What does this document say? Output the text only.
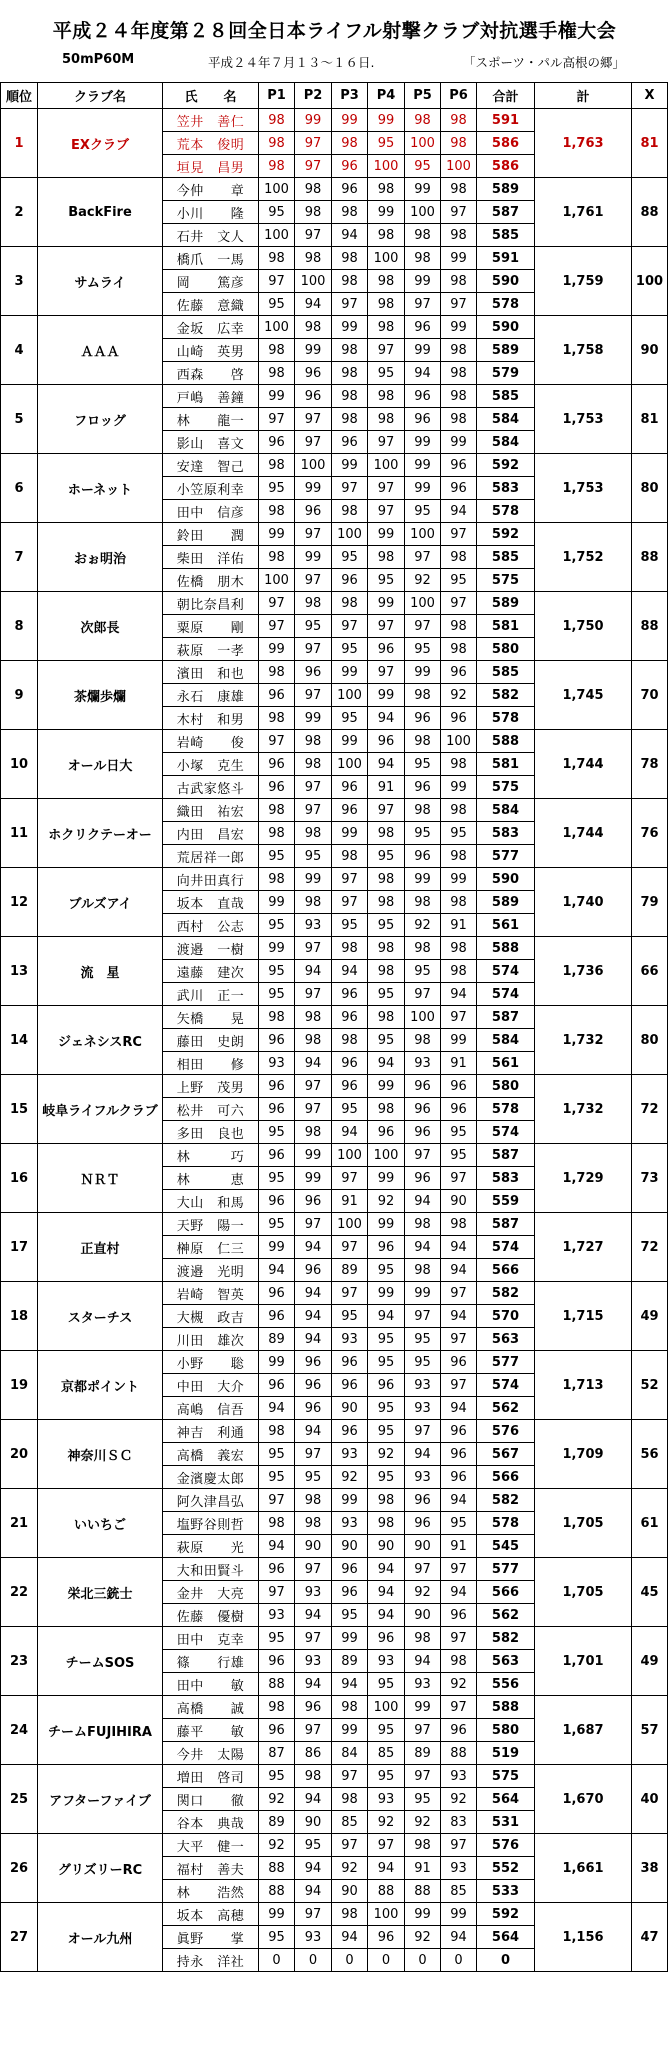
平成２４年度第２８回全日本ライフル射撃クラブ対抗選手権大会
50mP60M	平成２４年７月１３～１６日.	「スポーツ・パル高根の郷」
順位	クラブ名	氏　　名	P1	P2	P3	P4	P5	P6	合計	計	X
1	EXクラブ	笠井　善仁	98	99	99	99	98	98	591	1,763	81
		荒本　俊明	98	97	98	95	100	98	586		
		垣見　昌男	98	97	96	100	95	100	586		
2	BackFire	今仲　　章	100	98	96	98	99	98	589	1,761	88
		小川　　隆	95	98	98	99	100	97	587		
		石井　文人	100	97	94	98	98	98	585		
3	サムライ	橋爪　一馬	98	98	98	100	98	99	591	1,759	100
		岡　　篤彦	97	100	98	98	99	98	590		
		佐藤　意織	95	94	97	98	97	97	578		
4	ＡＡＡ	金坂　広幸	100	98	99	98	96	99	590	1,758	90
		山崎　英男	98	99	98	97	99	98	589		
		西森　　啓	98	96	98	95	94	98	579		
5	フロッグ	戸嶋　善鐘	99	96	98	98	96	98	585	1,753	81
		林　　龍一	97	97	98	98	96	98	584		
		影山　喜文	96	97	96	97	99	99	584		
6	ホーネット	安達　智己	98	100	99	100	99	96	592	1,753	80
		小笠原利幸	95	99	97	97	99	96	583		
		田中　信彦	98	96	98	97	95	94	578		
7	おぉ明治	鈴田　　潤	99	97	100	99	100	97	592	1,752	88
		柴田　洋佑	98	99	95	98	97	98	585		
		佐橋　朋木	100	97	96	95	92	95	575		
8	次郎長	朝比奈昌利	97	98	98	99	100	97	589	1,750	88
		粟原　　剛	97	95	97	97	97	98	581		
		萩原　一孝	99	97	95	96	95	98	580		
9	茶爛歩爛	濱田　和也	98	96	99	97	99	96	585	1,745	70
		永石　康雄	96	97	100	99	98	92	582		
		木村　和男	98	99	95	94	96	96	578		
10	オール日大	岩崎　　俊	97	98	99	96	98	100	588	1,744	78
		小塚　克生	96	98	100	94	95	98	581		
		古武家悠斗	96	97	96	91	96	99	575		
11	ホクリクテーオー	織田　祐宏	98	97	96	97	98	98	584	1,744	76
		内田　昌宏	98	98	99	98	95	95	583		
		荒居祥一郎	95	95	98	95	96	98	577		
12	ブルズアイ	向井田真行	98	99	97	98	99	99	590	1,740	79
		坂本　直哉	99	98	97	98	98	98	589		
		西村　公志	95	93	95	95	92	91	561		
13	流　星	渡邉　一樹	99	97	98	98	98	98	588	1,736	66
		遠藤　建次	95	94	94	98	95	98	574		
		武川　正一	95	97	96	95	97	94	574		
14	ジェネシスRC	矢橋　　晃	98	98	96	98	100	97	587	1,732	80
		藤田　史朗	96	98	98	95	98	99	584		
		相田　　修	93	94	96	94	93	91	561		
15	岐阜ライフルクラブ	上野　茂男	96	97	96	99	96	96	580	1,732	72
		松井　可六	96	97	95	98	96	96	578		
		多田　良也	95	98	94	96	96	95	574		
16	ＮＲＴ	林　　　巧	96	99	100	100	97	95	587	1,729	73
		林　　　恵	95	99	97	99	96	97	583		
		大山　和馬	96	96	91	92	94	90	559		
17	正直村	天野　陽一	95	97	100	99	98	98	587	1,727	72
		榊原　仁三	99	94	97	96	94	94	574		
		渡邉　光明	94	96	89	95	98	94	566		
18	スターチス	岩崎　智英	96	94	97	99	99	97	582	1,715	49
		大槻　政吉	96	94	95	94	97	94	570		
		川田　雄次	89	94	93	95	95	97	563		
19	京都ポイント	小野　　聡	99	96	96	95	95	96	577	1,713	52
		中田　大介	96	96	96	96	93	97	574		
		高嶋　信吾	94	96	90	95	93	94	562		
20	神奈川ＳＣ	神吉　利通	98	94	96	95	97	96	576	1,709	56
		高橋　義宏	95	97	93	92	94	96	567		
		金濱慶太郎	95	95	92	95	93	96	566		
21	いいちご	阿久津昌弘	97	98	99	98	96	94	582	1,705	61
		塩野谷則哲	98	98	93	98	96	95	578		
		萩原　　光	94	90	90	90	90	91	545		
22	栄北三銃士	大和田賢斗	96	97	96	94	97	97	577	1,705	45
		金井　大亮	97	93	96	94	92	94	566		
		佐藤　優樹	93	94	95	94	90	96	562		
23	チームSOS	田中　克幸	95	97	99	96	98	97	582	1,701	49
		篠　　行雄	96	93	89	93	94	98	563		
		田中　　敏	88	94	94	95	93	92	556		
24	チームFUJIHIRA	高橋　　誠	98	96	98	100	99	97	588	1,687	57
		藤平　　敏	96	97	99	95	97	96	580		
		今井　太陽	87	86	84	85	89	88	519		
25	アフターファイブ	増田　啓司	95	98	97	95	97	93	575	1,670	40
		関口　　徹	92	94	98	93	95	92	564		
		谷本　典哉	89	90	85	92	92	83	531		
26	グリズリーRC	大平　健一	92	95	97	97	98	97	576	1,661	38
		福村　善夫	88	94	92	94	91	93	552		
		林　　浩然	88	94	90	88	88	85	533		
27	オール九州	坂本　高穂	99	97	98	100	99	99	592	1,156	47
		眞野　　掌	95	93	94	96	92	94	564		
		持永　洋社	0	0	0	0	0	0	0		
